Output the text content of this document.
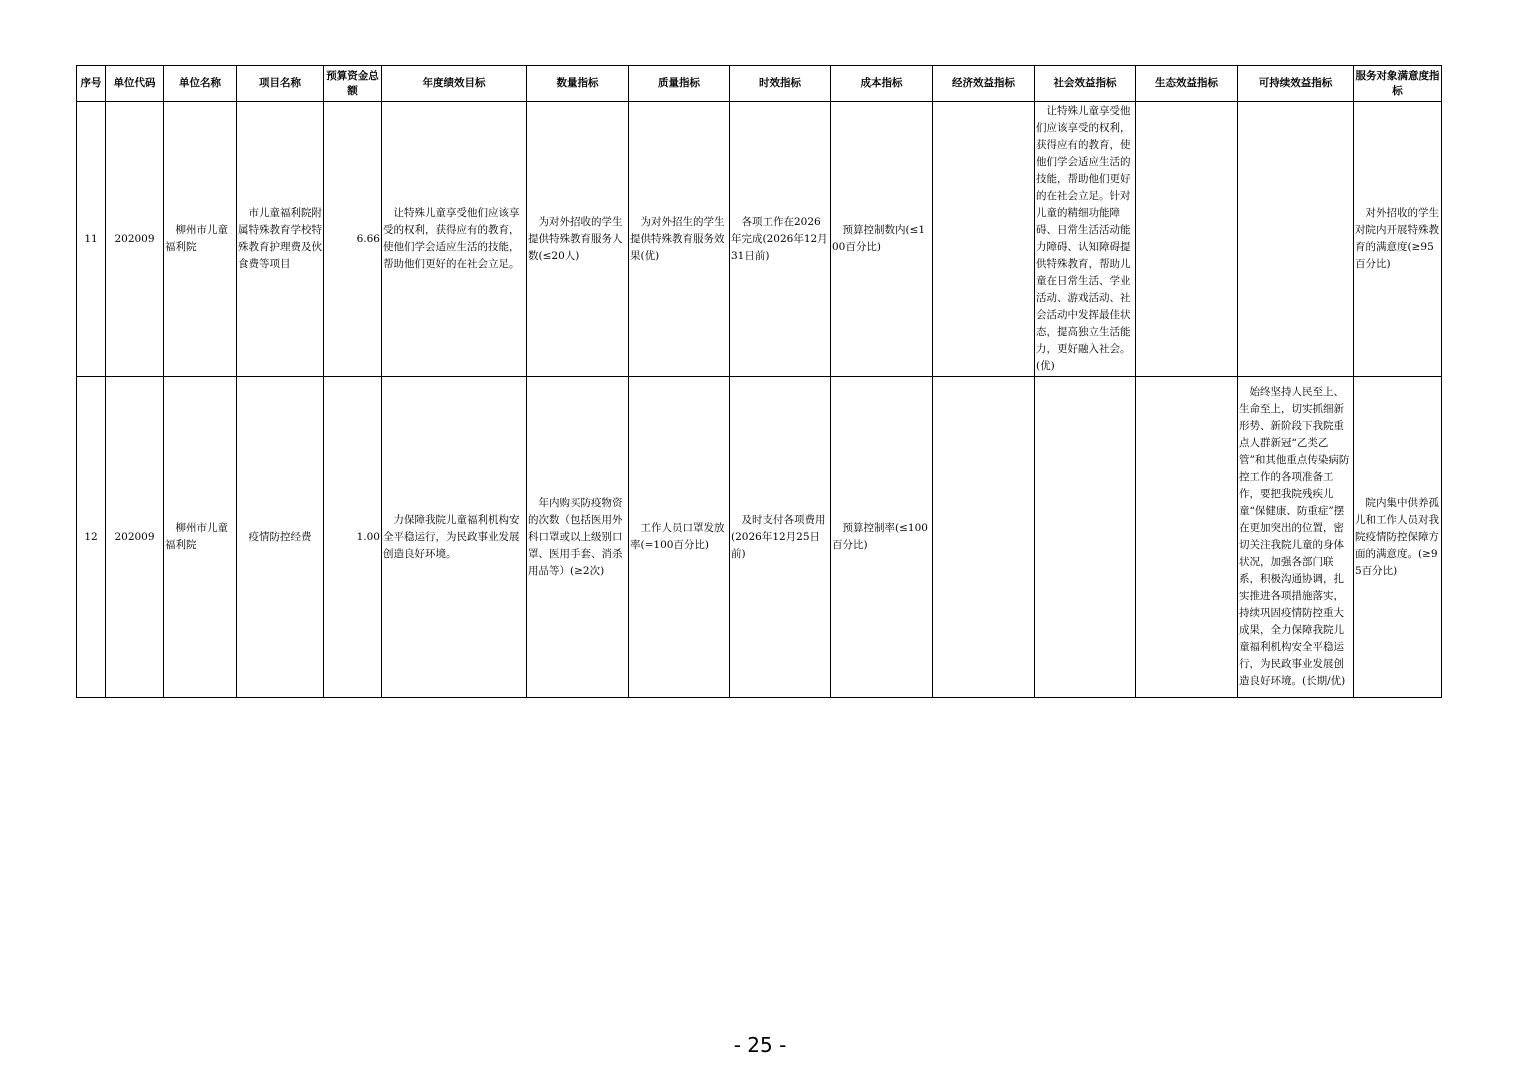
序号	单位代码	单位名称	项目名称	预算资金总额	年度绩效目标	数量指标	质量指标	时效指标	成本指标	经济效益指标	社会效益指标	生态效益指标	可持续效益指标	服务对象满意度指标
11	202009	柳州市儿童福利院	市儿童福利院附属特殊教育学校特殊教育护理费及伙食费等项目	6.66	让特殊儿童享受他们应该享受的权利，获得应有的教育，使他们学会适应生活的技能，帮助他们更好的在社会立足。	为对外招收的学生提供特殊教育服务人数(≤20人)	为对外招生的学生提供特殊教育服务效果(优)	各项工作在2026年完成(2026年12月31日前)	预算控制数内(≤100百分比)		让特殊儿童享受他们应该享受的权利，获得应有的教育，使他们学会适应生活的技能，帮助他们更好的在社会立足。针对儿童的精细功能障碍、日常生活活动能力障碍、认知障碍提供特殊教育，帮助儿童在日常生活、学业活动、游戏活动、社会活动中发挥最佳状态，提高独立生活能力，更好融入社会。(优)			对外招收的学生对院内开展特殊教育的满意度(≥95百分比)

12	202009	柳州市儿童福利院	疫情防控经费	1.00	力保障我院儿童福利机构安全平稳运行，为民政事业发展创造良好环境。	年内购买防疫物资的次数（包括医用外科口罩或以上级别口罩、医用手套、消杀用品等）(≥2次)	工作人员口罩发放率(=100百分比)	及时支付各项费用(2026年12月25日前)	预算控制率(≤100百分比)				始终坚持人民至上、生命至上，切实抓细新形势、新阶段下我院重点人群新冠“乙类乙管”和其他重点传染病防控工作的各项准备工作，要把我院残疾儿童“保健康、防重症”摆在更加突出的位置，密切关注我院儿童的身体状况，加强各部门联系，积极沟通协调，扎实推进各项措施落实，持续巩固疫情防控重大成果，全力保障我院儿童福利机构安全平稳运行，为民政事业发展创造良好环境。(长期/优)	院内集中供养孤儿和工作人员对我院疫情防控保障方面的满意度。(≥95百分比)
- 25 -
